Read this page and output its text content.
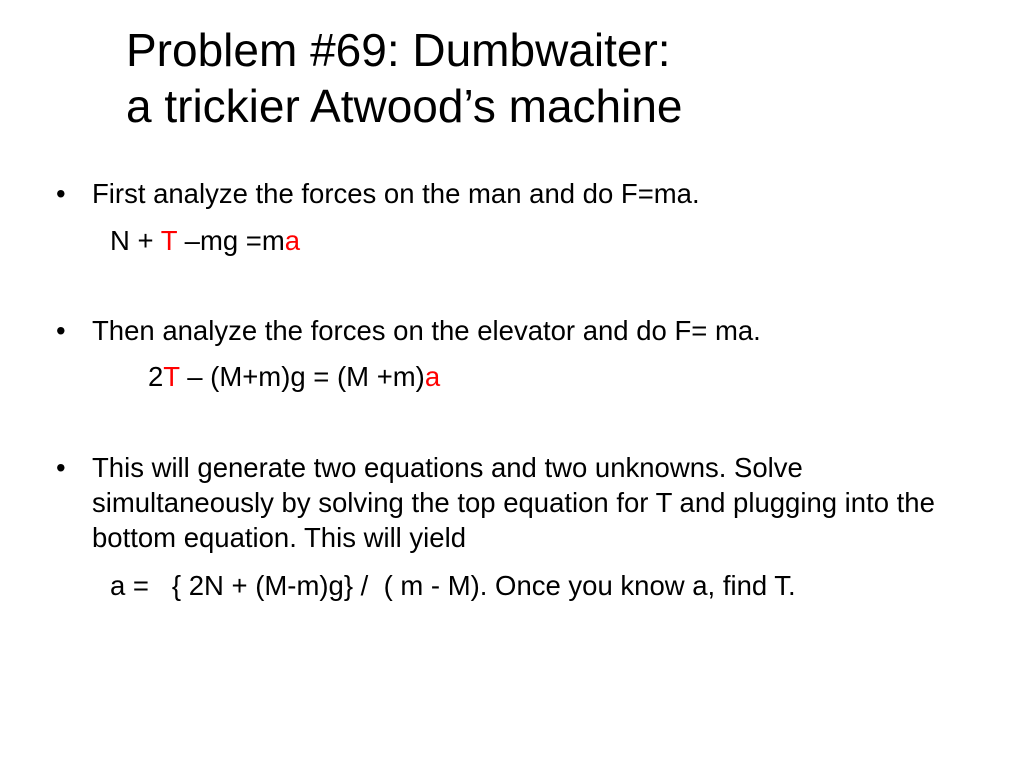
Problem #69: Dumbwaiter:
a trickier Atwood’s machine
• First analyze the forces on the man and do F=ma.
N + T –mg =ma
• Then analyze the forces on the elevator and do F= ma.
2T – (M+m)g = (M +m)a
• This will generate two equations and two unknowns. Solve simultaneously by solving the top equation for T and plugging into the bottom equation. This will yield
a =   { 2N + (M-m)g} /  ( m - M). Once you know a, find T.
